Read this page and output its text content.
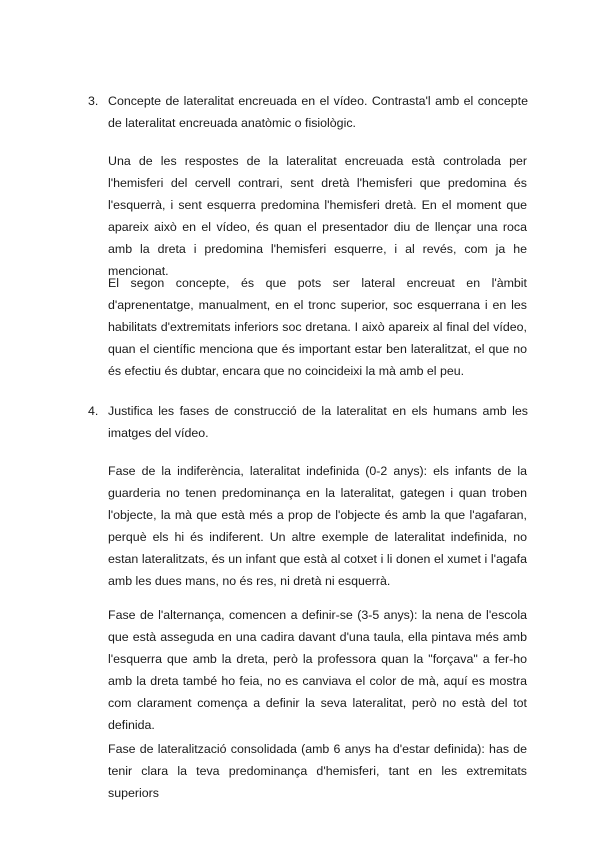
3. Concepte de lateralitat encreuada en el vídeo. Contrasta'l amb el concepte de lateralitat encreuada anatòmic o fisiològic.

Una de les respostes de la lateralitat encreuada està controlada per l'hemisferi del cervell contrari, sent dretà l'hemisferi que predomina és l'esquerrà, i sent esquerra predomina l'hemisferi dretà. En el moment que apareix això en el vídeo, és quan el presentador diu de llençar una roca amb la dreta i predomina l'hemisferi esquerre, i al revés, com ja he mencionat.

El segon concepte, és que pots ser lateral encreuat en l'àmbit d'aprenentatge, manualment, en el tronc superior, soc esquerrana i en les habilitats d'extremitats inferiors soc dretana. I això apareix al final del vídeo, quan el científic menciona que és important estar ben lateralitzat, el que no és efectiu és dubtar, encara que no coincideixi la mà amb el peu.

4. Justifica les fases de construcció de la lateralitat en els humans amb les imatges del vídeo.

Fase de la indiferència, lateralitat indefinida (0-2 anys): els infants de la guarderia no tenen predominança en la lateralitat, gategen i quan troben l'objecte, la mà que està més a prop de l'objecte és amb la que l'agafaran, perquè els hi és indiferent. Un altre exemple de lateralitat indefinida, no estan lateralitzats, és un infant que està al cotxet i li donen el xumet i l'agafa amb les dues mans, no és res, ni dretà ni esquerrà.

Fase de l'alternança, comencen a definir-se (3-5 anys): la nena de l'escola que està asseguda en una cadira davant d'una taula, ella pintava més amb l'esquerra que amb la dreta, però la professora quan la "forçava" a fer-ho amb la dreta també ho feia, no es canviava el color de mà, aquí es mostra com clarament comença a definir la seva lateralitat, però no està del tot definida.

Fase de lateralització consolidada (amb 6 anys ha d'estar definida): has de tenir clara la teva predominança d'hemisferi, tant en les extremitats superiors
